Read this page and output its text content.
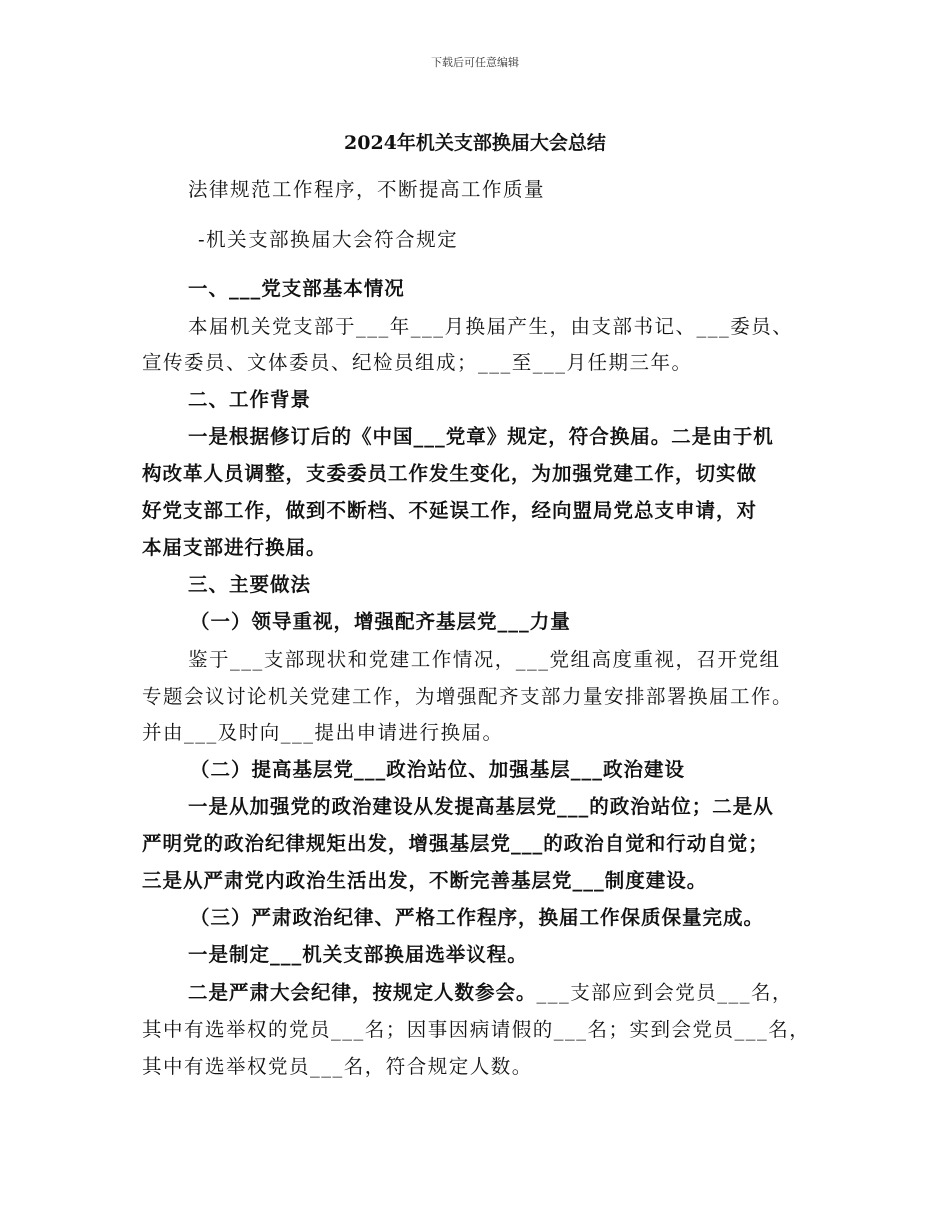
下载后可任意编辑
2024年机关支部换届大会总结
法律规范工作程序，不断提高工作质量
-机关支部换届大会符合规定
一、___党支部基本情况
本届机关党支部于___年___月换届产生，由支部书记、___委员、
宣传委员、文体委员、纪检员组成；___至___月任期三年。
二、工作背景
一是根据修订后的《中国___党章》规定，符合换届。二是由于机
构改革人员调整，支委委员工作发生变化，为加强党建工作，切实做
好党支部工作，做到不断档、不延误工作，经向盟局党总支申请，对
本届支部进行换届。
三、主要做法
（一）领导重视，增强配齐基层党___力量
鉴于___支部现状和党建工作情况，___党组高度重视，召开党组
专题会议讨论机关党建工作，为增强配齐支部力量安排部署换届工作。
并由___及时向___提出申请进行换届。
（二）提高基层党___政治站位、加强基层___政治建设
一是从加强党的政治建设从发提高基层党___的政治站位；二是从
严明党的政治纪律规矩出发，增强基层党___的政治自觉和行动自觉；
三是从严肃党内政治生活出发，不断完善基层党___制度建设。
（三）严肃政治纪律、严格工作程序，换届工作保质保量完成。
一是制定___机关支部换届选举议程。
二是严肃大会纪律，按规定人数参会。___支部应到会党员___名，
其中有选举权的党员___名；因事因病请假的___名；实到会党员___名，
其中有选举权党员___名，符合规定人数。
